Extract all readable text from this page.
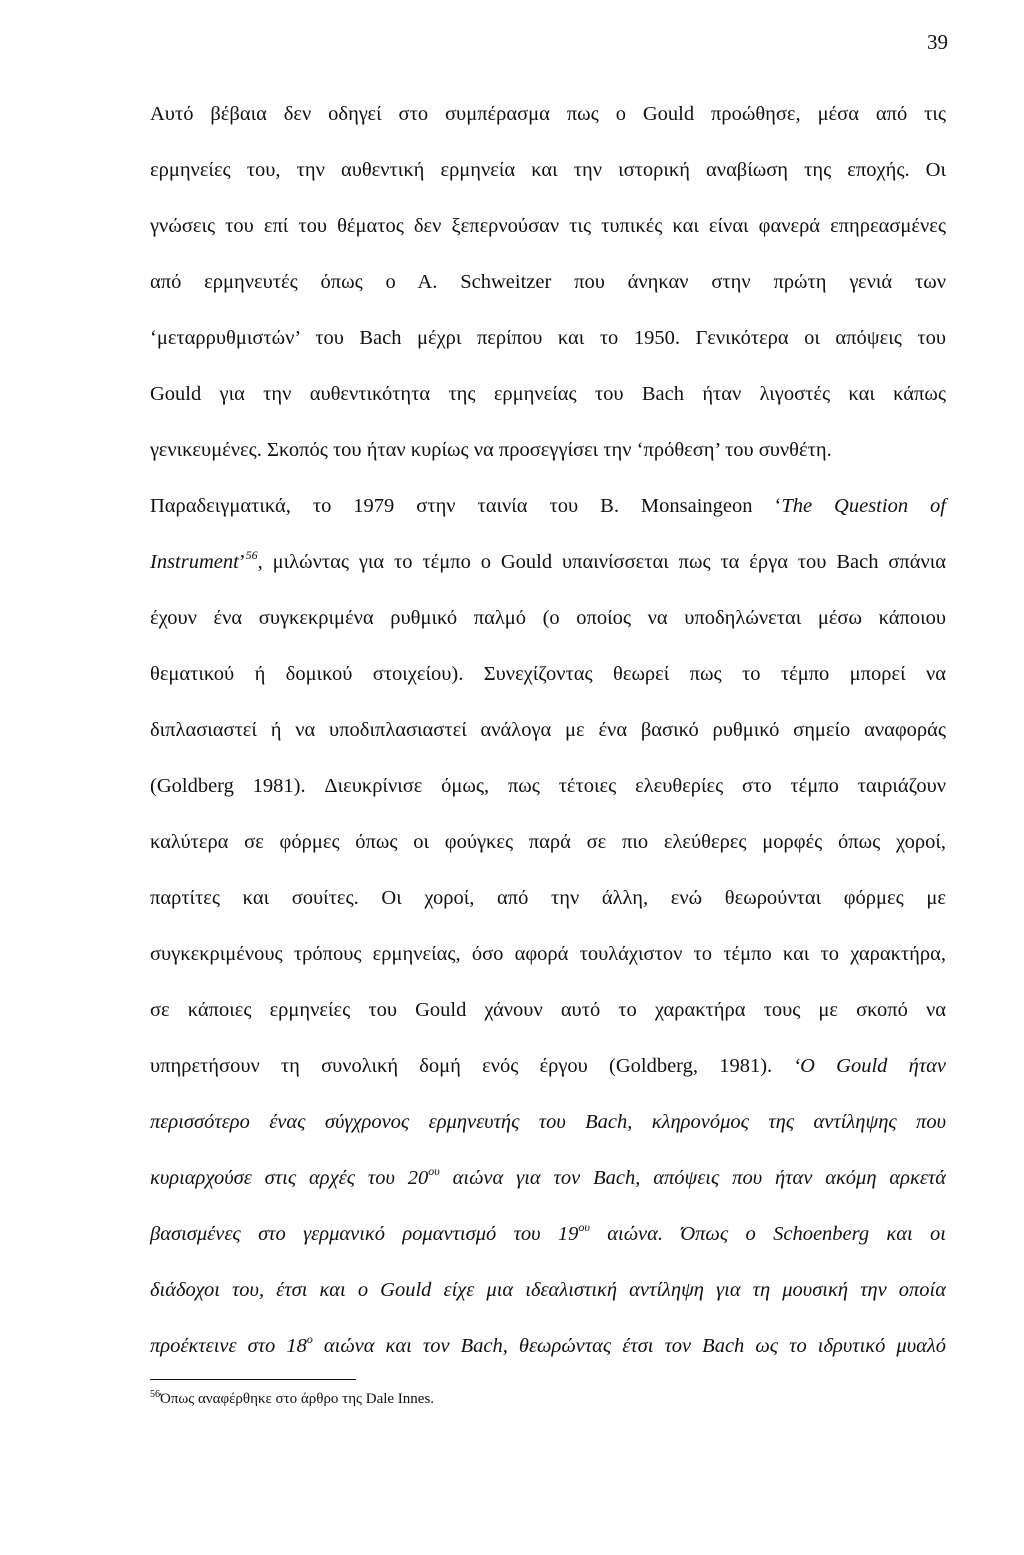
39
Αυτό βέβαια δεν οδηγεί στο συμπέρασμα πως ο Gould προώθησε, μέσα από τις
ερμηνείες του, την αυθεντική ερμηνεία και την ιστορική αναβίωση της εποχής. Οι
γνώσεις του επί του θέματος δεν ξεπερνούσαν τις τυπικές και είναι φανερά επηρεασμένες
από ερμηνευτές όπως ο Α. Schweitzer που άνηκαν στην πρώτη γενιά των
‘μεταρρυθμιστών’ του Bach μέχρι περίπου και το 1950. Γενικότερα οι απόψεις του
Gould για την αυθεντικότητα της ερμηνείας του Bach ήταν λιγοστές και κάπως
γενικευμένες. Σκοπός του ήταν κυρίως να προσεγγίσει την ‘πρόθεση’ του συνθέτη.
Παραδειγματικά, το 1979 στην ταινία του Β. Monsaingeon ‘The Question of
Instrument’$^{56}$, μιλώντας για το τέμπο ο Gould υπαινίσσεται πως τα έργα του Bach σπάνια
έχουν ένα συγκεκριμένα ρυθμικό παλμό (ο οποίος να υποδηλώνεται μέσω κάποιου
θεματικού ή δομικού στοιχείου). Συνεχίζοντας θεωρεί πως το τέμπο μπορεί να
διπλασιαστεί ή να υποδιπλασιαστεί ανάλογα με ένα βασικό ρυθμικό σημείο αναφοράς
(Goldberg 1981). Διευκρίνισε όμως, πως τέτοιες ελευθερίες στο τέμπο ταιριάζουν
καλύτερα σε φόρμες όπως οι φούγκες παρά σε πιο ελεύθερες μορφές όπως χοροί,
παρτίτες και σουίτες. Οι χοροί, από την άλλη, ενώ θεωρούνται φόρμες με
συγκεκριμένους τρόπους ερμηνείας, όσο αφορά τουλάχιστον το τέμπο και το χαρακτήρα,
σε κάποιες ερμηνείες του Gould χάνουν αυτό το χαρακτήρα τους με σκοπό να
υπηρετήσουν τη συνολική δομή ενός έργου (Goldberg, 1981). ‘Ο Gould ήταν
περισσότερο ένας σύγχρονος ερμηνευτής του Bach, κληρονόμος της αντίληψης που
κυριαρχούσε στις αρχές του $20^{o\upsilon}$ αιώνα για τον Bach, απόψεις που ήταν ακόμη αρκετά
βασισμένες στο γερμανικό ρομαντισμό του $19^{o\upsilon}$ αιώνα. Όπως ο Schoenberg και οι
διάδοχοι του, έτσι και ο Gould είχε μια ιδεαλιστική αντίληψη για τη μουσική την οποία
προέκτεινε στο $18^o$ αιώνα και τον Bach, θεωρώντας έτσι τον Bach ως το ιδρυτικό μυαλό
$^{56}$Όπως αναφέρθηκε στο άρθρο της Dale Innes.
